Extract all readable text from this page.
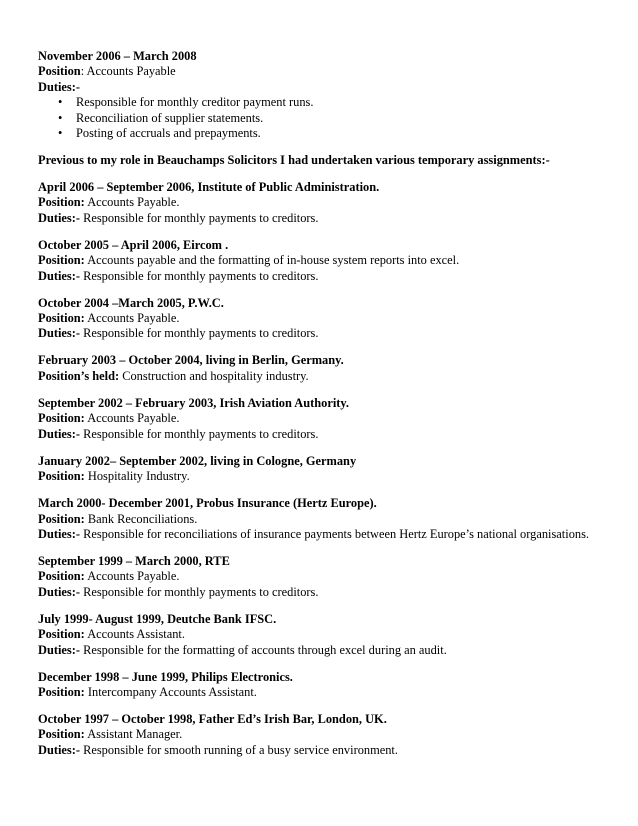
November 2006 – March 2008
Position: Accounts Payable
Duties:-
• Responsible for monthly creditor payment runs.
• Reconciliation of supplier statements.
• Posting of accruals and prepayments.
Previous to my role in Beauchamps Solicitors I had undertaken various temporary assignments:-
April 2006 – September 2006, Institute of Public Administration.
Position: Accounts Payable.
Duties:- Responsible for monthly payments to creditors.
October 2005 – April 2006, Eircom .
Position: Accounts payable and the formatting of in-house system reports into excel.
Duties:- Responsible for monthly payments to creditors.
October 2004 –March 2005, P.W.C.
Position: Accounts Payable.
Duties:- Responsible for monthly payments to creditors.
February 2003 – October 2004, living in Berlin, Germany.
Position’s held: Construction and hospitality industry.
September 2002 – February 2003, Irish Aviation Authority.
Position: Accounts Payable.
Duties:- Responsible for monthly payments to creditors.
January 2002– September 2002, living in Cologne, Germany
Position: Hospitality Industry.
March 2000- December 2001, Probus Insurance (Hertz Europe).
Position: Bank Reconciliations.
Duties:- Responsible for reconciliations of insurance payments between Hertz Europe’s national organisations.
September 1999 – March 2000, RTE
Position: Accounts Payable.
Duties:- Responsible for monthly payments to creditors.
July 1999- August 1999, Deutche Bank IFSC.
Position: Accounts Assistant.
Duties:- Responsible for the formatting of accounts through excel during an audit.
December 1998 – June 1999, Philips Electronics.
Position: Intercompany Accounts Assistant.
October 1997 – October 1998, Father Ed’s Irish Bar, London, UK.
Position: Assistant Manager.
Duties:- Responsible for smooth running of a busy service environment.
